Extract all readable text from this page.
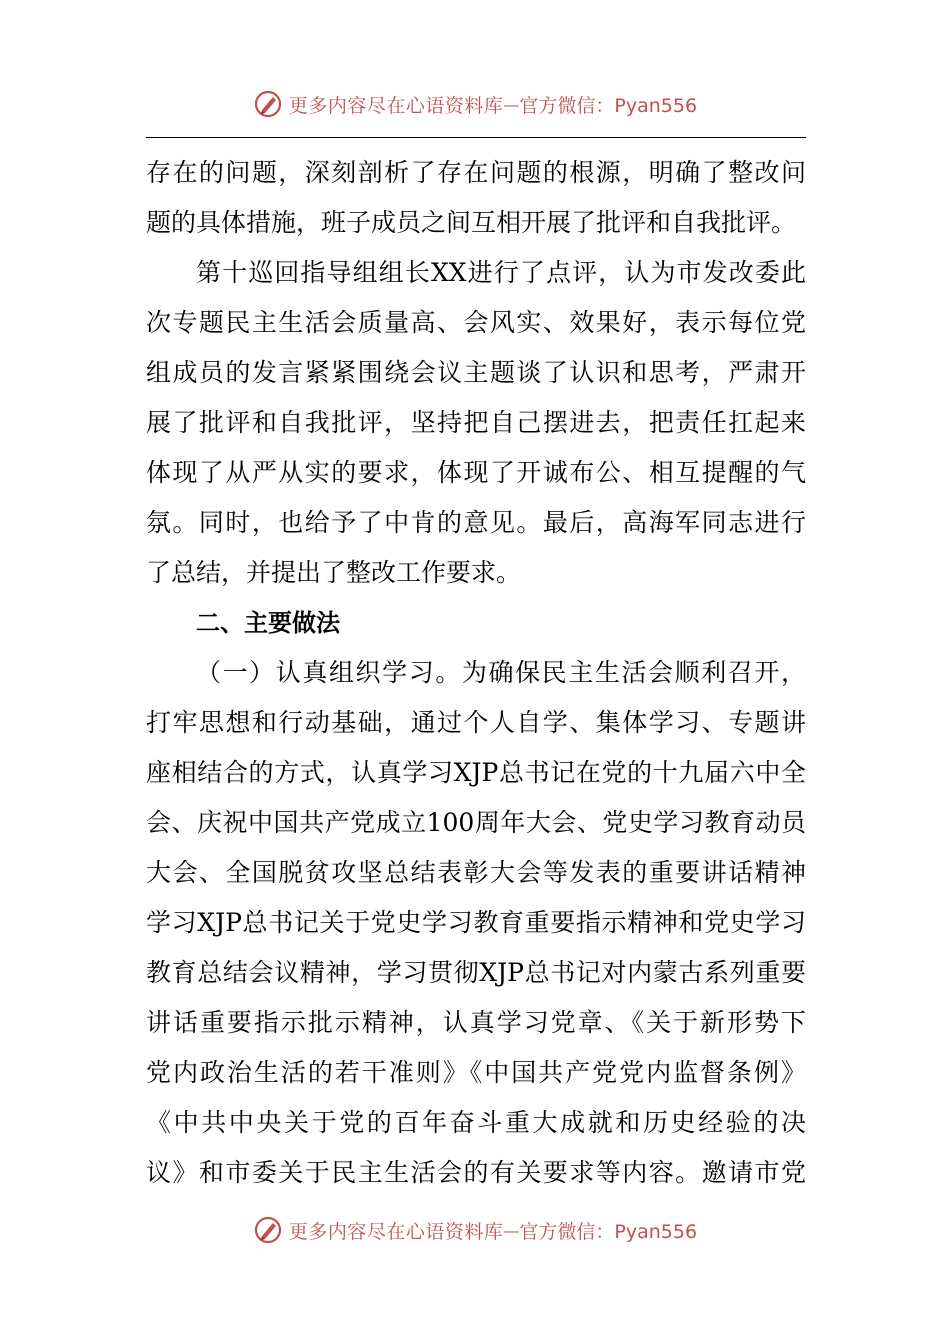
更多内容尽在心语资料库 — 官方微信：Pyan556
存在的问题，深刻剖析了存在问题的根源，明确了整改问
题的具体措施，班子成员之间互相开展了批评和自我批评。
第十巡回指导组组长XX进行了点评，认为市发改委此
次专题民主生活会质量高、会风实、效果好，表示每位党
组成员的发言紧紧围绕会议主题谈了认识和思考，严肃开
展了批评和自我批评，坚持把自己摆进去，把责任扛起来
体现了从严从实的要求，体现了开诚布公、相互提醒的气
氛。同时，也给予了中肯的意见。最后，高海军同志进行
了总结，并提出了整改工作要求。
二、主要做法
（一）认真组织学习。为确保民主生活会顺利召开，
打牢思想和行动基础，通过个人自学、集体学习、专题讲
座相结合的方式，认真学习XJP总书记在党的十九届六中全
会、庆祝中国共产党成立100周年大会、党史学习教育动员
大会、全国脱贫攻坚总结表彰大会等发表的重要讲话精神
学习XJP总书记关于党史学习教育重要指示精神和党史学习
教育总结会议精神，学习贯彻XJP总书记对内蒙古系列重要
讲话重要指示批示精神，认真学习党章、《关于新形势下
党内政治生活的若干准则》《中国共产党党内监督条例》
《中共中央关于党的百年奋斗重大成就和历史经验的决
议》和市委关于民主生活会的有关要求等内容。邀请市党
更多内容尽在心语资料库 — 官方微信：Pyan556
